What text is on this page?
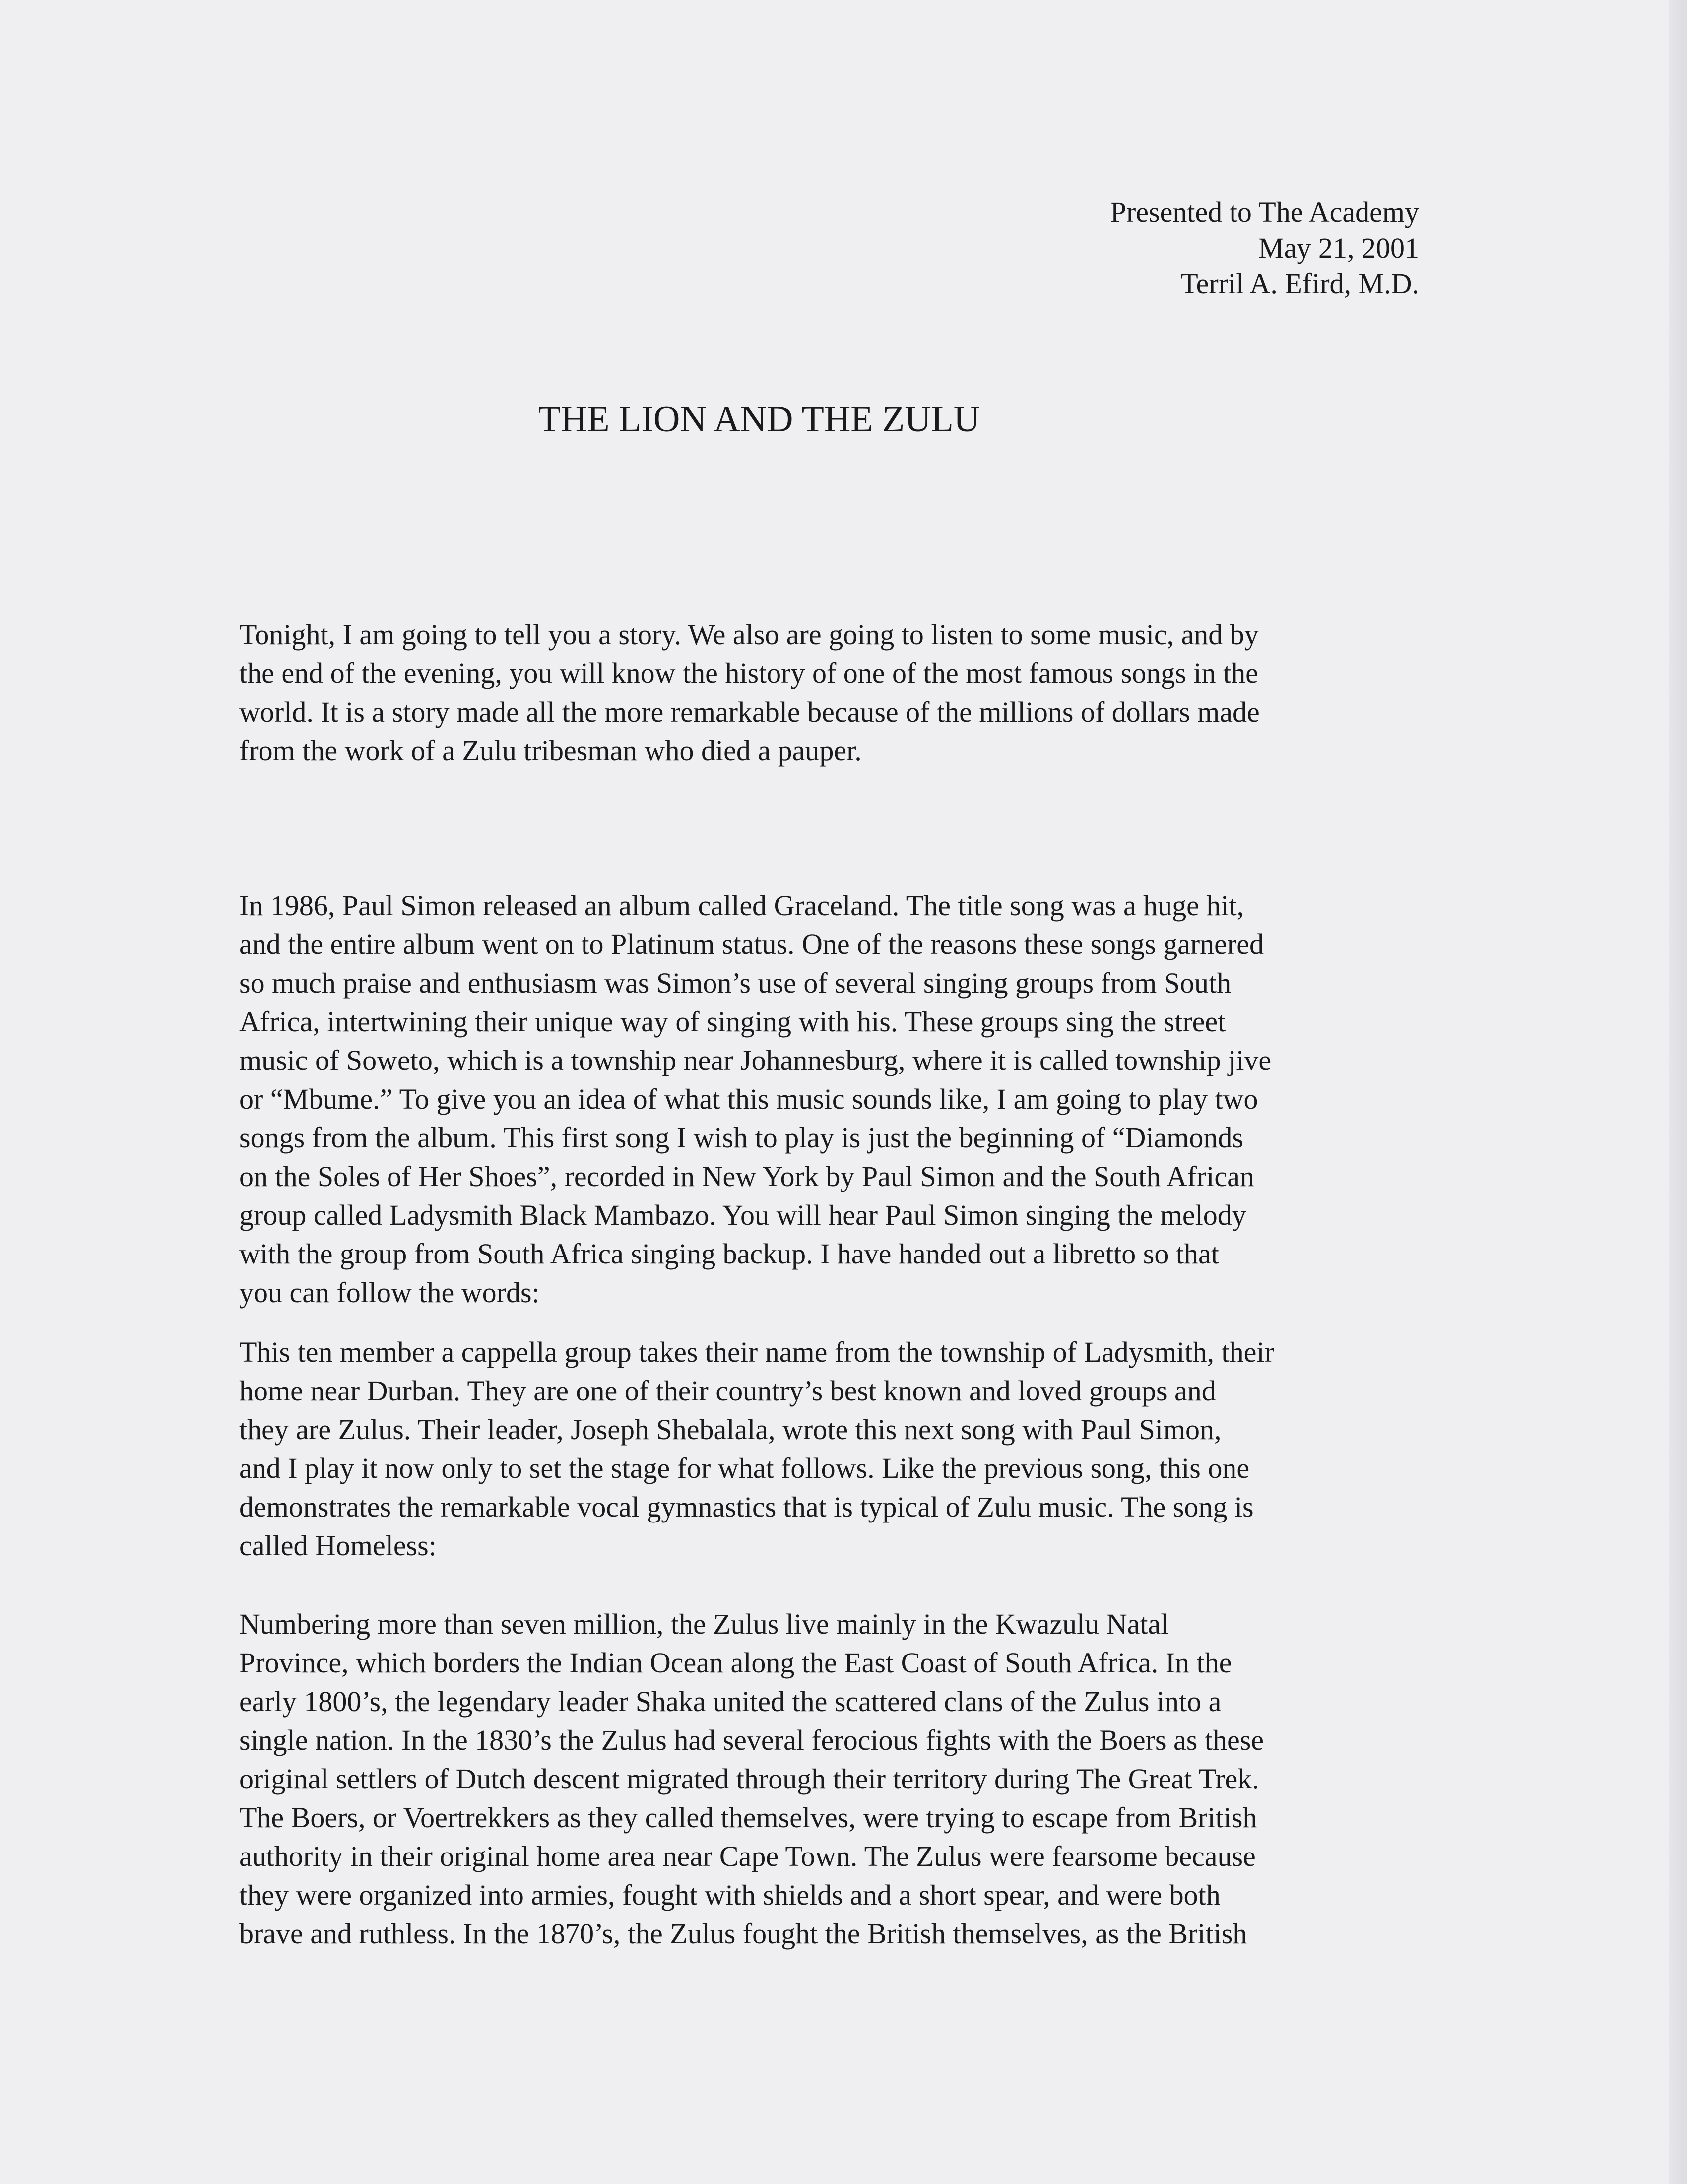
Presented to The Academy
May 21, 2001
Terril A. Efird, M.D.
THE LION AND THE ZULU
Tonight, I am going to tell you a story. We also are going to listen to some music, and by
the end of the evening, you will know the history of one of the most famous songs in the
world. It is a story made all the more remarkable because of the millions of dollars made
from the work of a Zulu tribesman who died a pauper.
In 1986, Paul Simon released an album called Graceland. The title song was a huge hit,
and the entire album went on to Platinum status. One of the reasons these songs garnered
so much praise and enthusiasm was Simon’s use of several singing groups from South
Africa, intertwining their unique way of singing with his. These groups sing the street
music of Soweto, which is a township near Johannesburg, where it is called township jive
or “Mbume.” To give you an idea of what this music sounds like, I am going to play two
songs from the album. This first song I wish to play is just the beginning of “Diamonds
on the Soles of Her Shoes”, recorded in New York by Paul Simon and the South African
group called Ladysmith Black Mambazo. You will hear Paul Simon singing the melody
with the group from South Africa singing backup. I have handed out a libretto so that
you can follow the words:
This ten member a cappella group takes their name from the township of Ladysmith, their
home near Durban. They are one of their country’s best known and loved groups and
they are Zulus. Their leader, Joseph Shebalala, wrote this next song with Paul Simon,
and I play it now only to set the stage for what follows. Like the previous song, this one
demonstrates the remarkable vocal gymnastics that is typical of Zulu music. The song is
called Homeless:
Numbering more than seven million, the Zulus live mainly in the Kwazulu Natal
Province, which borders the Indian Ocean along the East Coast of South Africa. In the
early 1800’s, the legendary leader Shaka united the scattered clans of the Zulus into a
single nation. In the 1830’s the Zulus had several ferocious fights with the Boers as these
original settlers of Dutch descent migrated through their territory during The Great Trek.
The Boers, or Voertrekkers as they called themselves, were trying to escape from British
authority in their original home area near Cape Town. The Zulus were fearsome because
they were organized into armies, fought with shields and a short spear, and were both
brave and ruthless. In the 1870’s, the Zulus fought the British themselves, as the British
